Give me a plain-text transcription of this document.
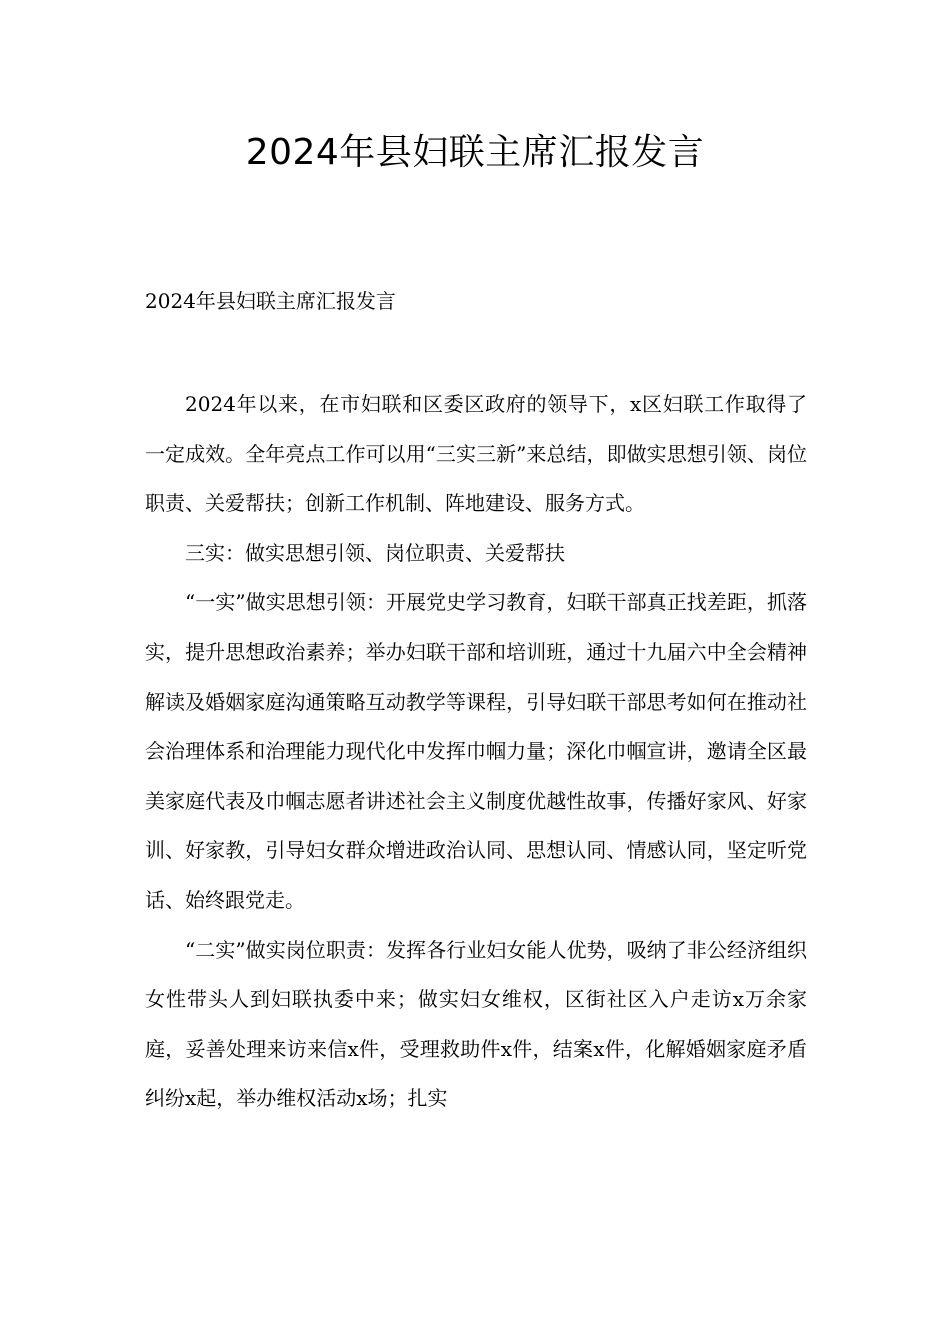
2024年县妇联主席汇报发言
2024年县妇联主席汇报发言

2024年以来，在市妇联和区委区政府的领导下，x区妇联工作取得了一定成效。全年亮点工作可以用“三实三新”来总结，即做实思想引领、岗位职责、关爱帮扶；创新工作机制、阵地建设、服务方式。

三实：做实思想引领、岗位职责、关爱帮扶

“一实”做实思想引领：开展党史学习教育，妇联干部真正找差距，抓落实，提升思想政治素养；举办妇联干部和培训班，通过十九届六中全会精神解读及婚姻家庭沟通策略互动教学等课程，引导妇联干部思考如何在推动社会治理体系和治理能力现代化中发挥巾帼力量；深化巾帼宣讲，邀请全区最美家庭代表及巾帼志愿者讲述社会主义制度优越性故事，传播好家风、好家训、好家教，引导妇女群众增进政治认同、思想认同、情感认同，坚定听党话、始终跟党走。

“二实”做实岗位职责：发挥各行业妇女能人优势，吸纳了非公经济组织女性带头人到妇联执委中来；做实妇女维权，区街社区入户走访x万余家庭，妥善处理来访来信x件，受理救助件x件，结案x件，化解婚姻家庭矛盾纠纷x起，举办维权活动x场；扎实
